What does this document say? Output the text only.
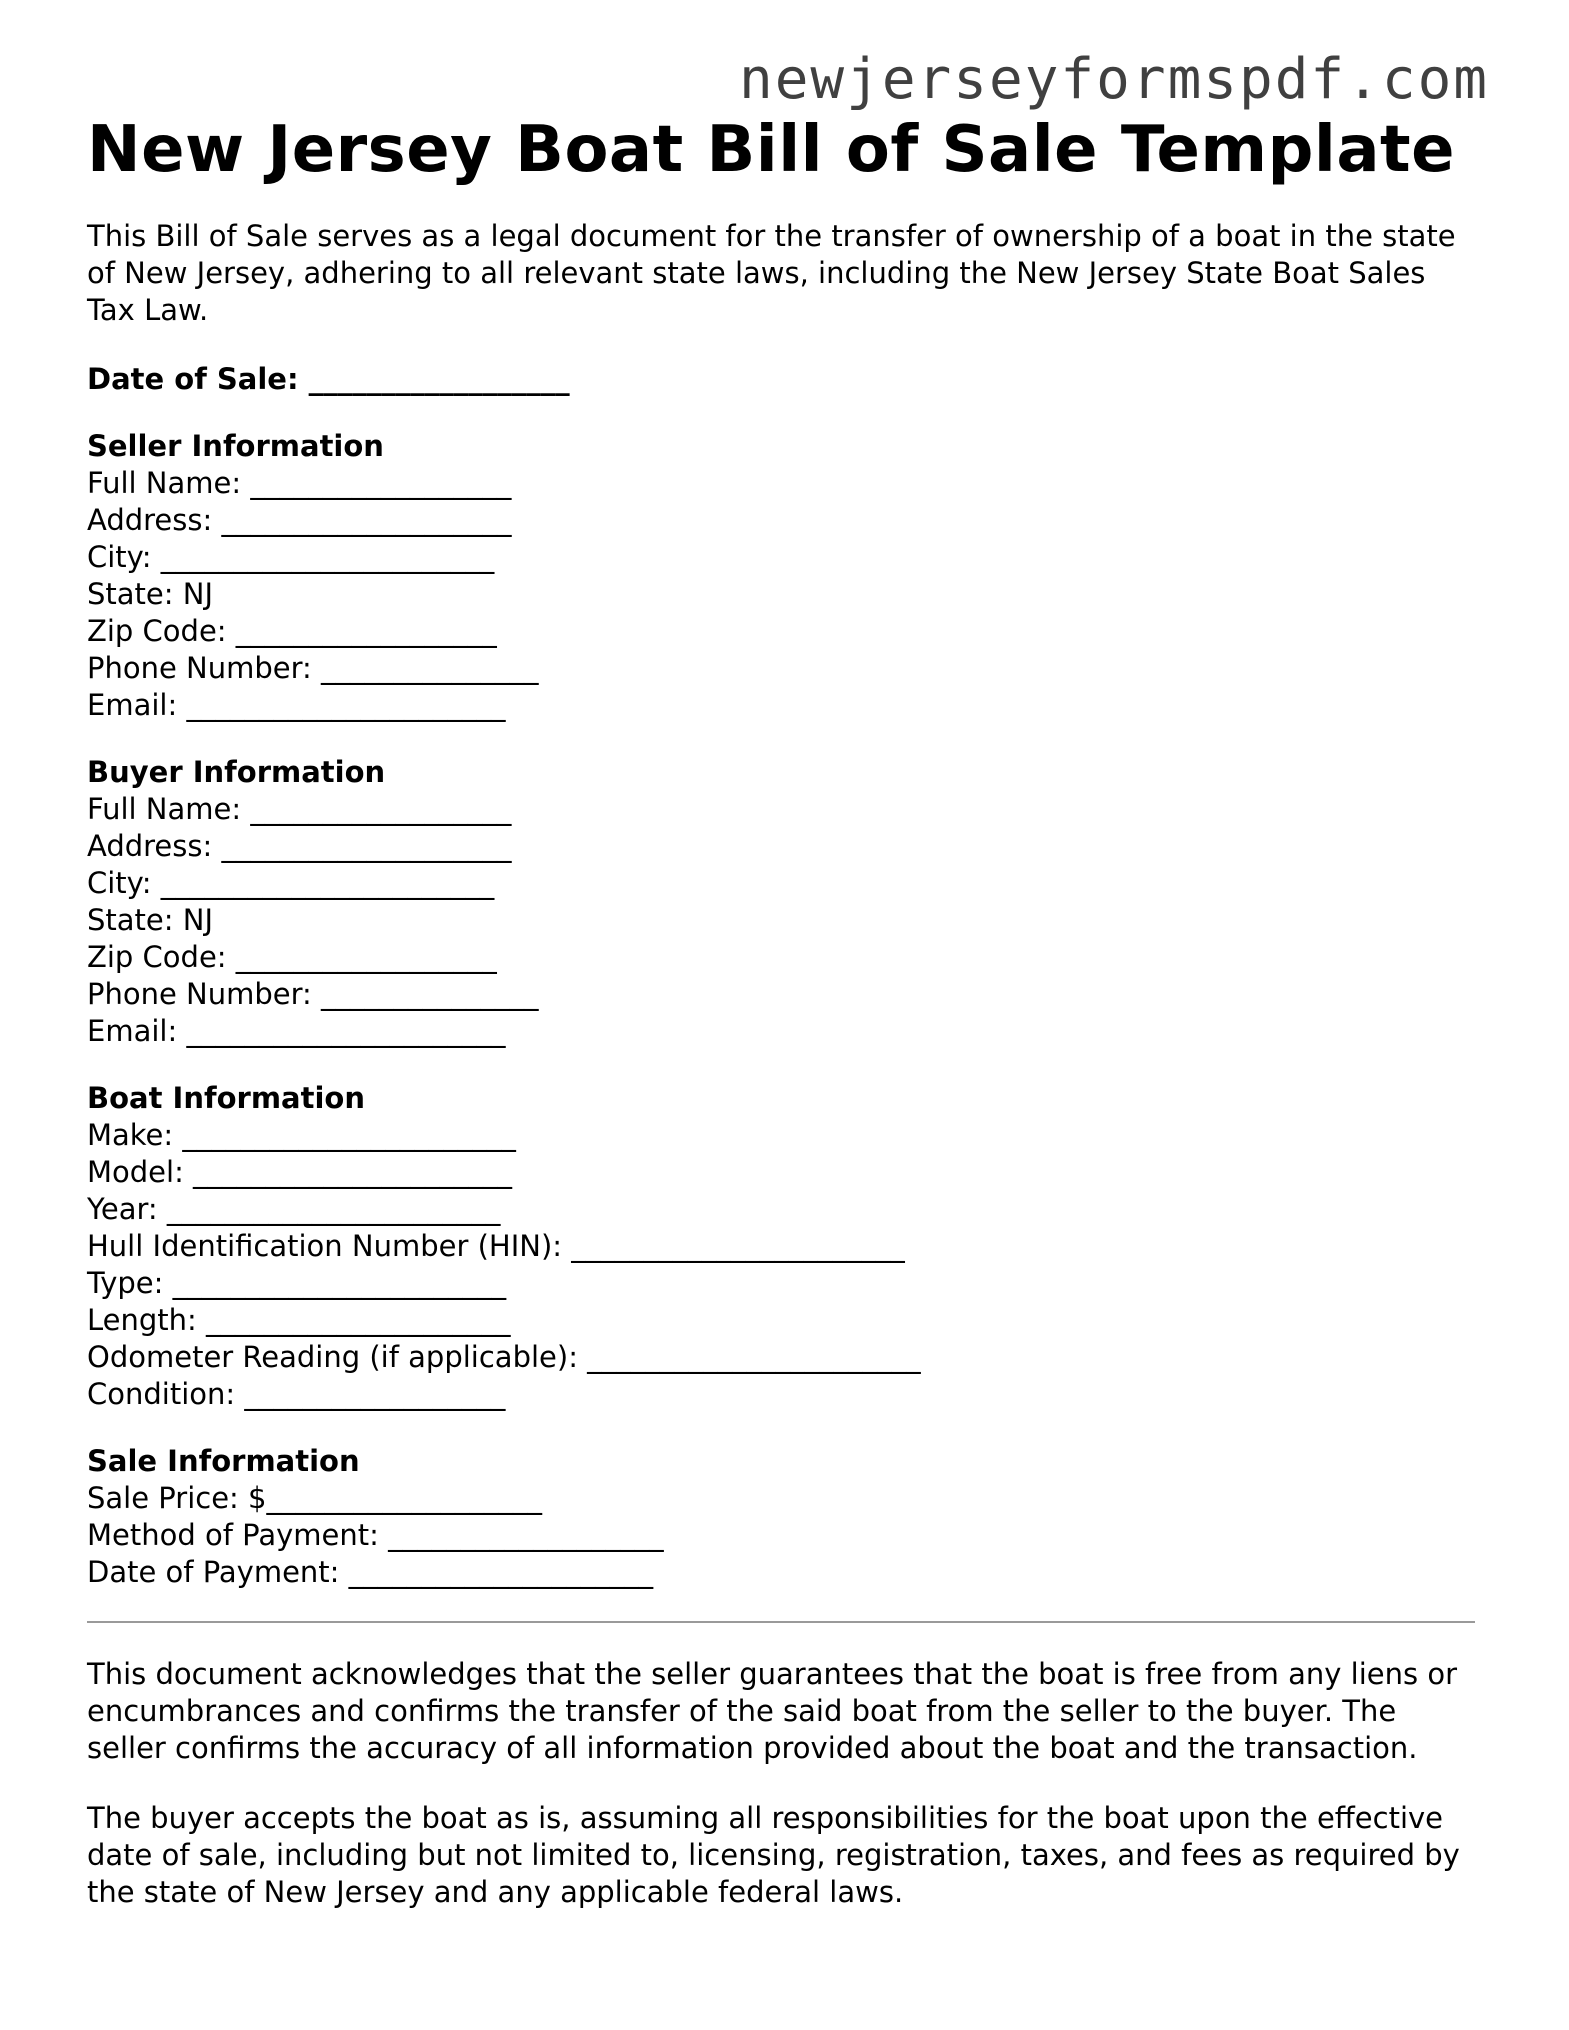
newjerseyformspdf.com
New Jersey Boat Bill of Sale Template

This Bill of Sale serves as a legal document for the transfer of ownership of a boat in the state of New Jersey, adhering to all relevant state laws, including the New Jersey State Boat Sales Tax Law.

Date of Sale: __________________
Seller Information
Full Name: __________________
Address: ____________________
City: _______________________
State: NJ
Zip Code: __________________
Phone Number: _______________
Email: ______________________
Buyer Information
Full Name: __________________
Address: ____________________
City: _______________________
State: NJ
Zip Code: __________________
Phone Number: _______________
Email: ______________________
Boat Information
Make: _______________________
Model: ______________________
Year: _______________________
Hull Identification Number (HIN): _______________________
Type: _______________________
Length: _____________________
Odometer Reading (if applicable): _______________________
Condition: __________________
Sale Information
Sale Price: $___________________
Method of Payment: ___________________
Date of Payment: _____________________

This document acknowledges that the seller guarantees that the boat is free from any liens or encumbrances and confirms the transfer of the said boat from the seller to the buyer. The seller confirms the accuracy of all information provided about the boat and the transaction.

The buyer accepts the boat as is, assuming all responsibilities for the boat upon the effective date of sale, including but not limited to, licensing, registration, taxes, and fees as required by the state of New Jersey and any applicable federal laws.
